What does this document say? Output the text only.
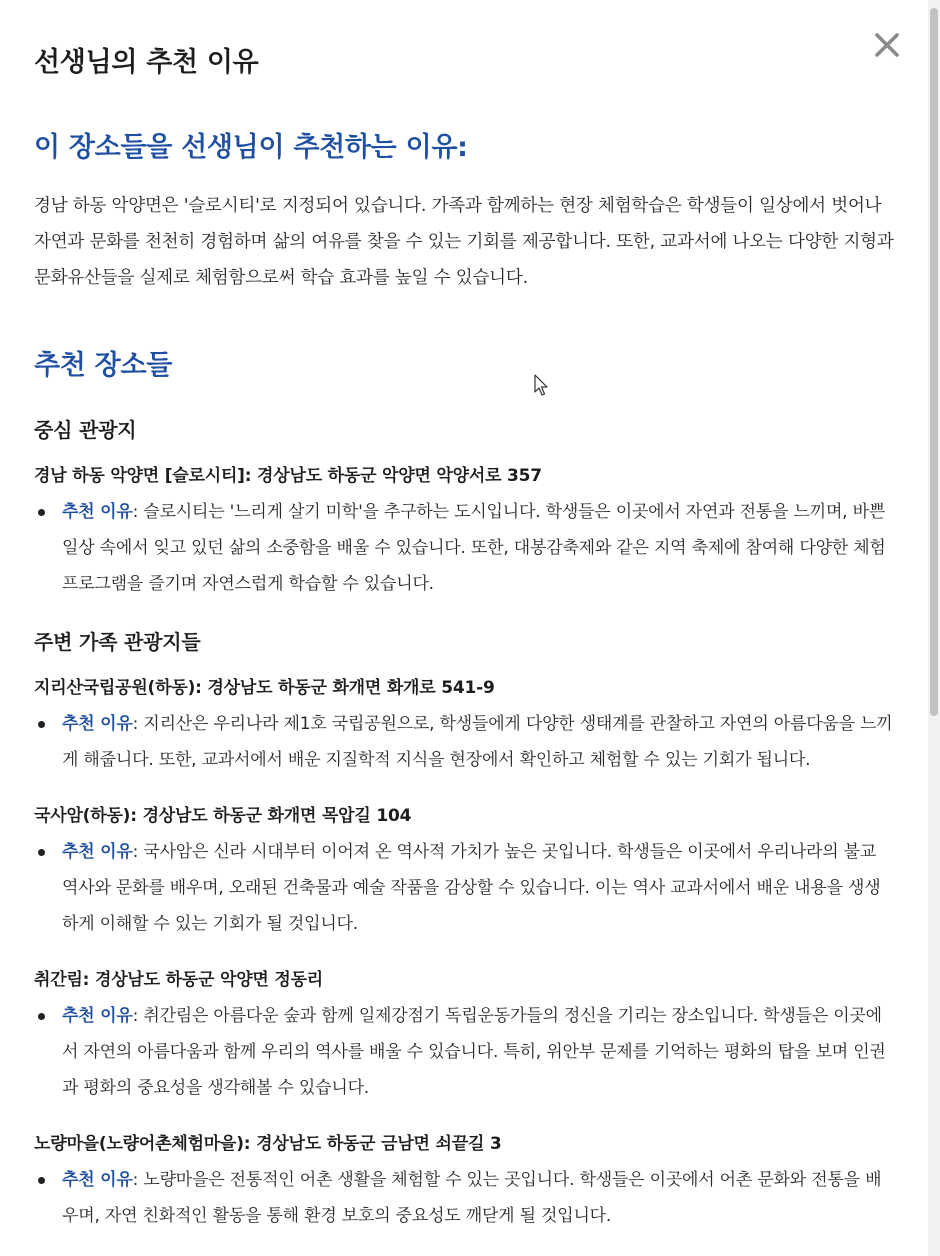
선생님의 추천 이유
이 장소들을 선생님이 추천하는 이유:

경남 하동 악양면은 '슬로시티'로 지정되어 있습니다. 가족과 함께하는 현장 체험학습은 학생들이 일상에서 벗어나 자연과 문화를 천천히 경험하며 삶의 여유를 찾을 수 있는 기회를 제공합니다. 또한, 교과서에 나오는 다양한 지형과 문화유산들을 실제로 체험함으로써 학습 효과를 높일 수 있습니다.

추천 장소들
중심 관광지

경남 하동 악양면 [슬로시티]: 경상남도 하동군 악양면 악양서로 357

추천 이유: 슬로시티는 '느리게 살기 미학'을 추구하는 도시입니다. 학생들은 이곳에서 자연과 전통을 느끼며, 바쁜 일상 속에서 잊고 있던 삶의 소중함을 배울 수 있습니다. 또한, 대봉감축제와 같은 지역 축제에 참여해 다양한 체험 프로그램을 즐기며 자연스럽게 학습할 수 있습니다.

주변 가족 관광지들

지리산국립공원(하동): 경상남도 하동군 화개면 화개로 541-9

추천 이유: 지리산은 우리나라 제1호 국립공원으로, 학생들에게 다양한 생태계를 관찰하고 자연의 아름다움을 느끼게 해줍니다. 또한, 교과서에서 배운 지질학적 지식을 현장에서 확인하고 체험할 수 있는 기회가 됩니다.

국사암(하동): 경상남도 하동군 화개면 목압길 104

추천 이유: 국사암은 신라 시대부터 이어져 온 역사적 가치가 높은 곳입니다. 학생들은 이곳에서 우리나라의 불교 역사와 문화를 배우며, 오래된 건축물과 예술 작품을 감상할 수 있습니다. 이는 역사 교과서에서 배운 내용을 생생하게 이해할 수 있는 기회가 될 것입니다.

취간림: 경상남도 하동군 악양면 정동리

추천 이유: 취간림은 아름다운 숲과 함께 일제강점기 독립운동가들의 정신을 기리는 장소입니다. 학생들은 이곳에서 자연의 아름다움과 함께 우리의 역사를 배울 수 있습니다. 특히, 위안부 문제를 기억하는 평화의 탑을 보며 인권과 평화의 중요성을 생각해볼 수 있습니다.

노량마을(노량어촌체험마을): 경상남도 하동군 금남면 쇠끝길 3

추천 이유: 노량마을은 전통적인 어촌 생활을 체험할 수 있는 곳입니다. 학생들은 이곳에서 어촌 문화와 전통을 배우며, 자연 친화적인 활동을 통해 환경 보호의 중요성도 깨닫게 될 것입니다.
